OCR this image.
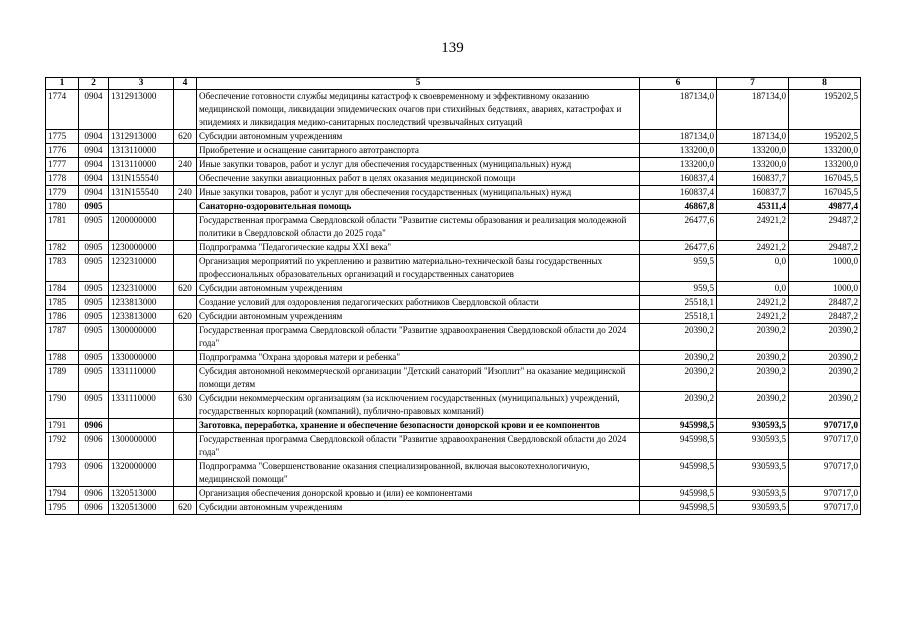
139
1	2	3	4	5	6	7	8
1774	0904	1312913000		Обеспечение готовности службы медицины катастроф к своевременному и эффективному оказанию медицинской помощи, ликвидации эпидемических очагов при стихийных бедствиях, авариях, катастрофах и эпидемиях и ликвидация медико-санитарных последствий чрезвычайных ситуаций	187134,0	187134,0	195202,5
1775	0904	1312913000	620	Субсидии автономным учреждениям	187134,0	187134,0	195202,5
1776	0904	1313110000		Приобретение и оснащение санитарного автотранспорта	133200,0	133200,0	133200,0
1777	0904	1313110000	240	Иные закупки товаров, работ и услуг для обеспечения государственных (муниципальных) нужд	133200,0	133200,0	133200,0
1778	0904	131N155540		Обеспечение закупки авиационных работ в целях оказания медицинской помощи	160837,4	160837,7	167045,5
1779	0904	131N155540	240	Иные закупки товаров, работ и услуг для обеспечения государственных (муниципальных) нужд	160837,4	160837,7	167045,5
1780	0905			Санаторно-оздоровительная помощь	46867,8	45311,4	49877,4
1781	0905	1200000000		Государственная программа Свердловской области "Развитие системы образования и реализация молодежной политики в Свердловской области до 2025 года"	26477,6	24921,2	29487,2
1782	0905	1230000000		Подпрограмма "Педагогические кадры XXI века"	26477,6	24921,2	29487,2
1783	0905	1232310000		Организация мероприятий по укреплению и развитию материально-технической базы государственных профессиональных образовательных организаций и государственных санаториев	959,5	0,0	1000,0
1784	0905	1232310000	620	Субсидии автономным учреждениям	959,5	0,0	1000,0
1785	0905	1233813000		Создание условий для оздоровления педагогических работников Свердловской области	25518,1	24921,2	28487,2
1786	0905	1233813000	620	Субсидии автономным учреждениям	25518,1	24921,2	28487,2
1787	0905	1300000000		Государственная программа Свердловской области "Развитие здравоохранения Свердловской области до 2024 года"	20390,2	20390,2	20390,2
1788	0905	1330000000		Подпрограмма "Охрана здоровья матери и ребенка"	20390,2	20390,2	20390,2
1789	0905	1331110000		Субсидия автономной некоммерческой организации "Детский санаторий "Изоплит" на оказание медицинской помощи детям	20390,2	20390,2	20390,2
1790	0905	1331110000	630	Субсидии некоммерческим организациям (за исключением государственных (муниципальных) учреждений, государственных корпораций (компаний), публично-правовых компаний)	20390,2	20390,2	20390,2
1791	0906			Заготовка, переработка, хранение и обеспечение безопасности донорской крови и ее компонентов	945998,5	930593,5	970717,0
1792	0906	1300000000		Государственная программа Свердловской области "Развитие здравоохранения Свердловской области до 2024 года"	945998,5	930593,5	970717,0
1793	0906	1320000000		Подпрограмма "Совершенствование оказания специализированной, включая высокотехнологичную, медицинской помощи"	945998,5	930593,5	970717,0
1794	0906	1320513000		Организация обеспечения донорской кровью и (или) ее компонентами	945998,5	930593,5	970717,0
1795	0906	1320513000	620	Субсидии автономным учреждениям	945998,5	930593,5	970717,0
